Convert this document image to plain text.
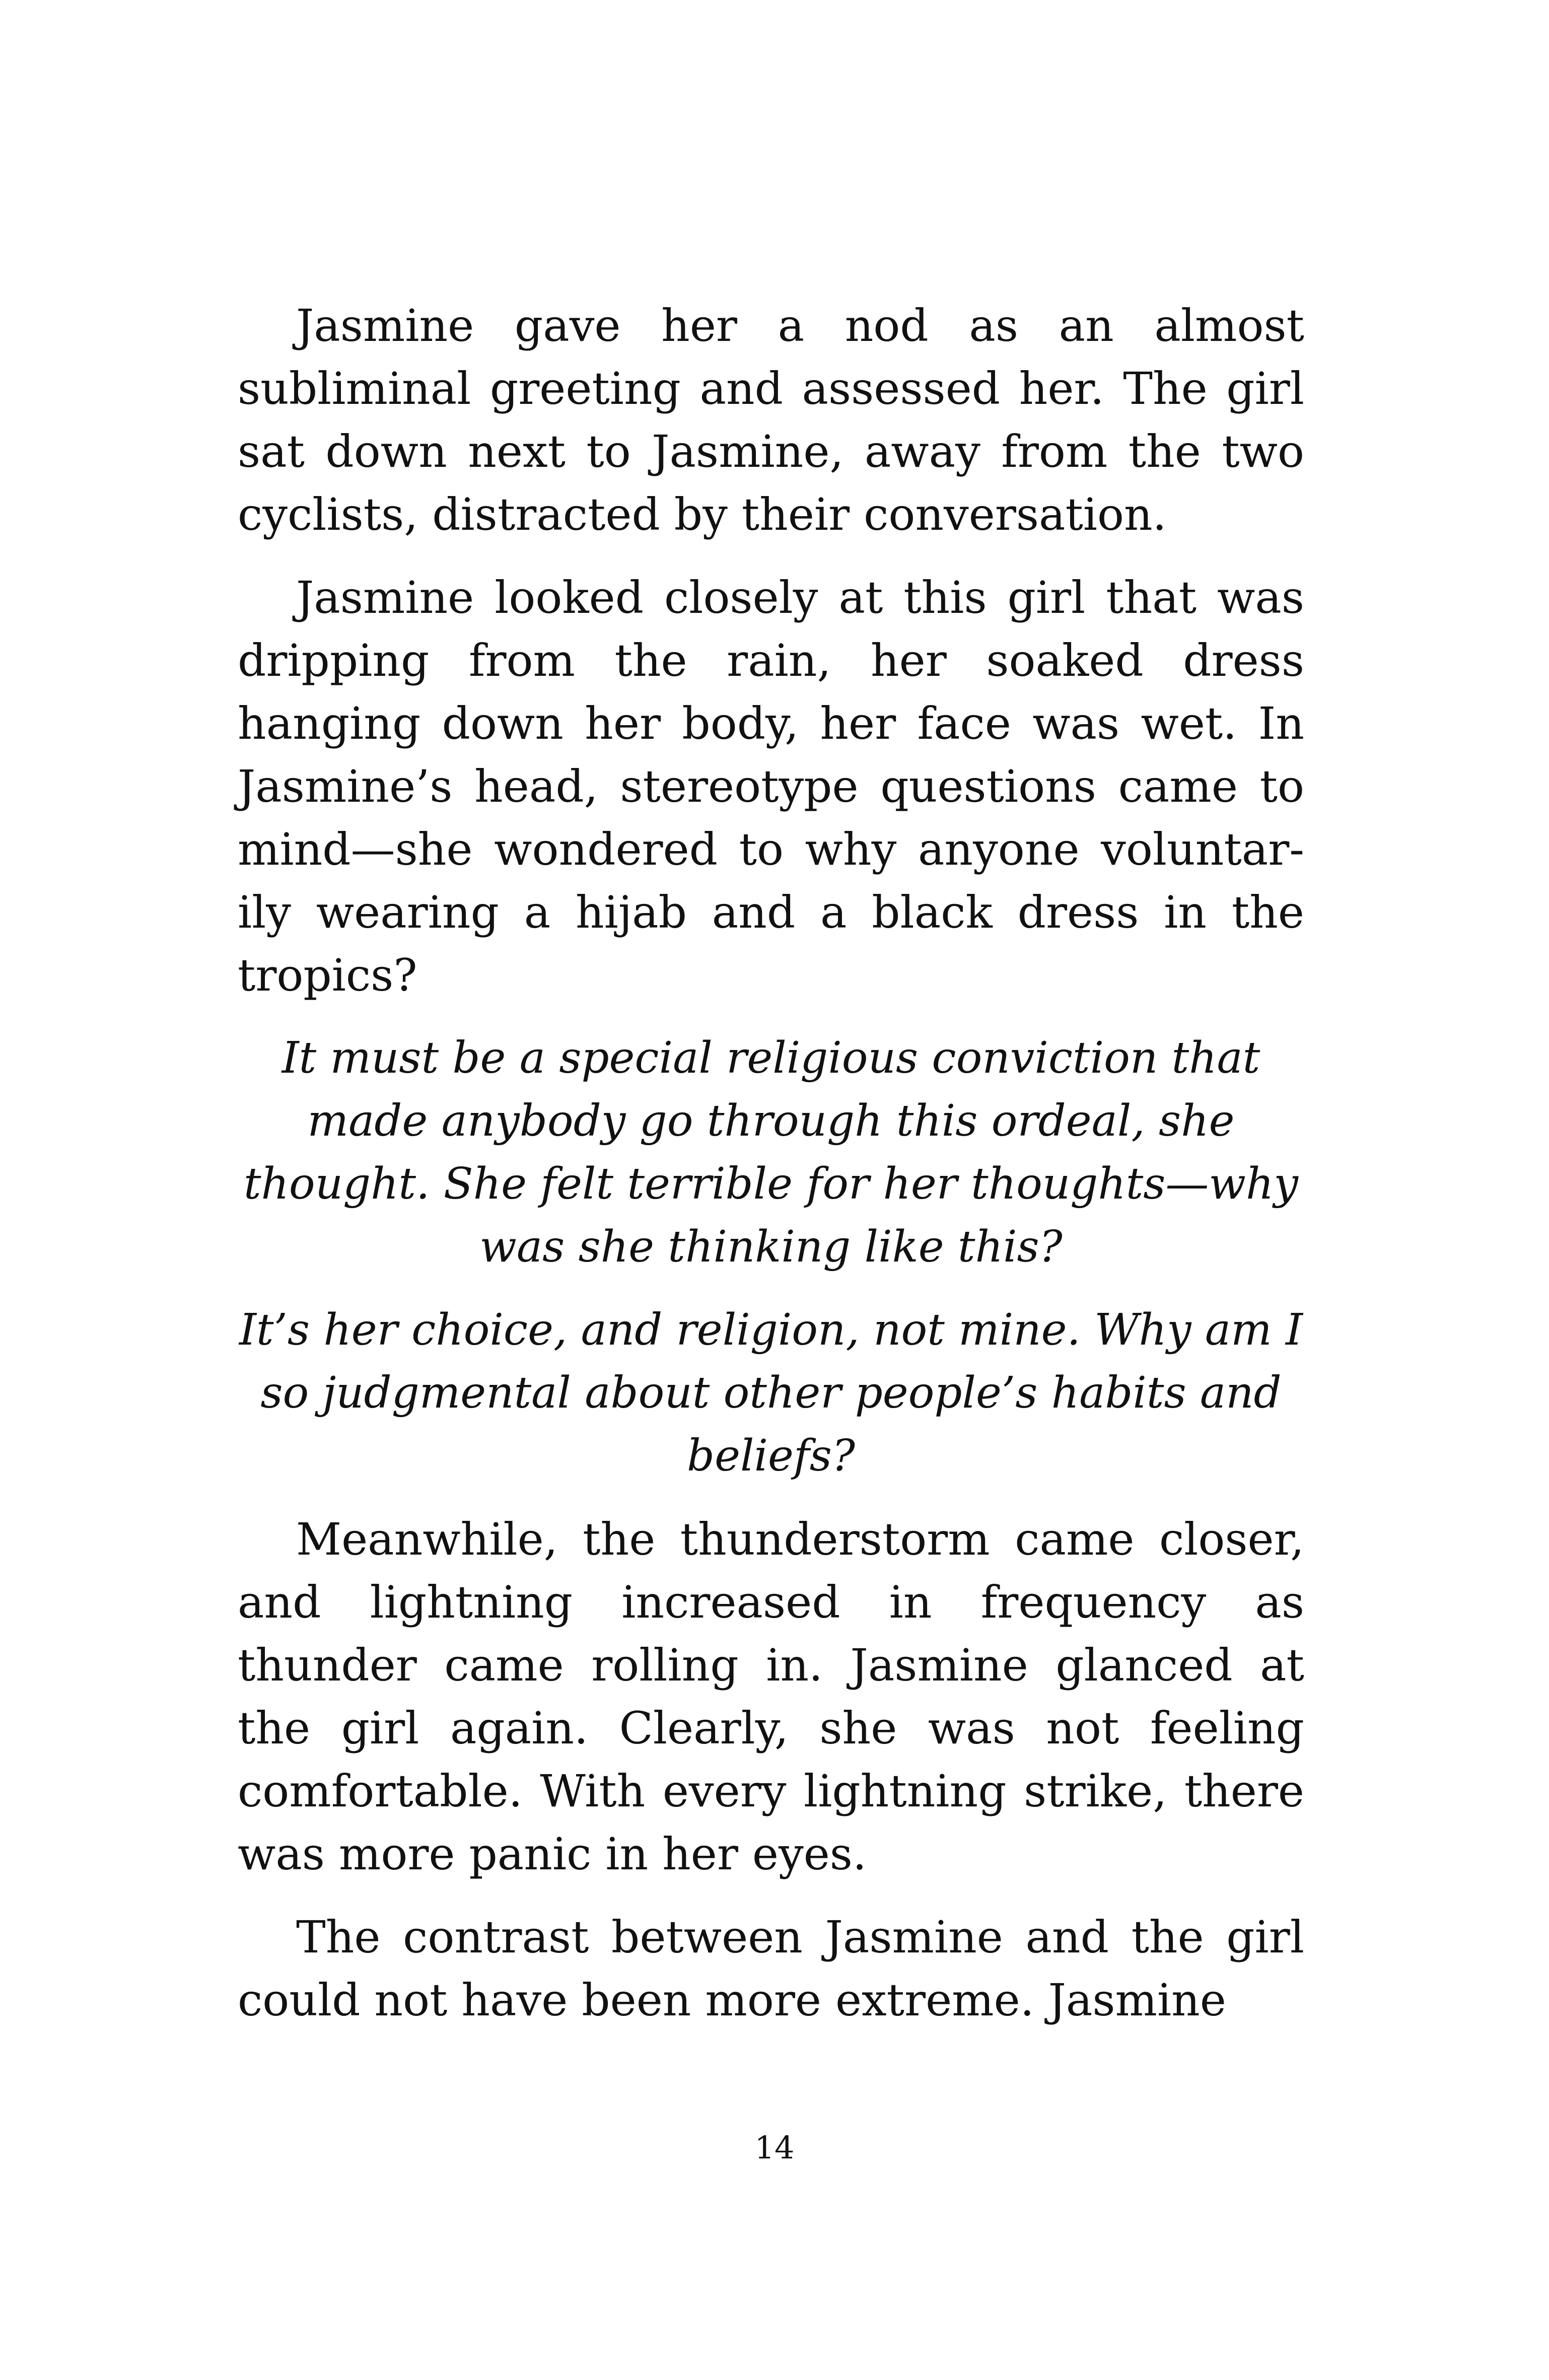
Jasmine gave her a nod as an almost subliminal greeting and assessed her. The girl sat down next to Jasmine, away from the two cyclists, distracted by their conversation.

Jasmine looked closely at this girl that was dripping from the rain, her soaked dress hanging down her body, her face was wet. In Jasmine’s head, stereotype questions came to mind—she wondered to why anyone voluntar-ily wearing a hijab and a black dress in the tropics?

It must be a special religious conviction that made anybody go through this ordeal, she thought. She felt terrible for her thoughts—why was she thinking like this?

It’s her choice, and religion, not mine. Why am I so judgmental about other people’s habits and beliefs?

Meanwhile, the thunderstorm came closer, and lightning increased in frequency as thunder came rolling in. Jasmine glanced at the girl again. Clearly, she was not feeling comfortable. With every lightning strike, there was more panic in her eyes.

The contrast between Jasmine and the girl could not have been more extreme. Jasmine

14
